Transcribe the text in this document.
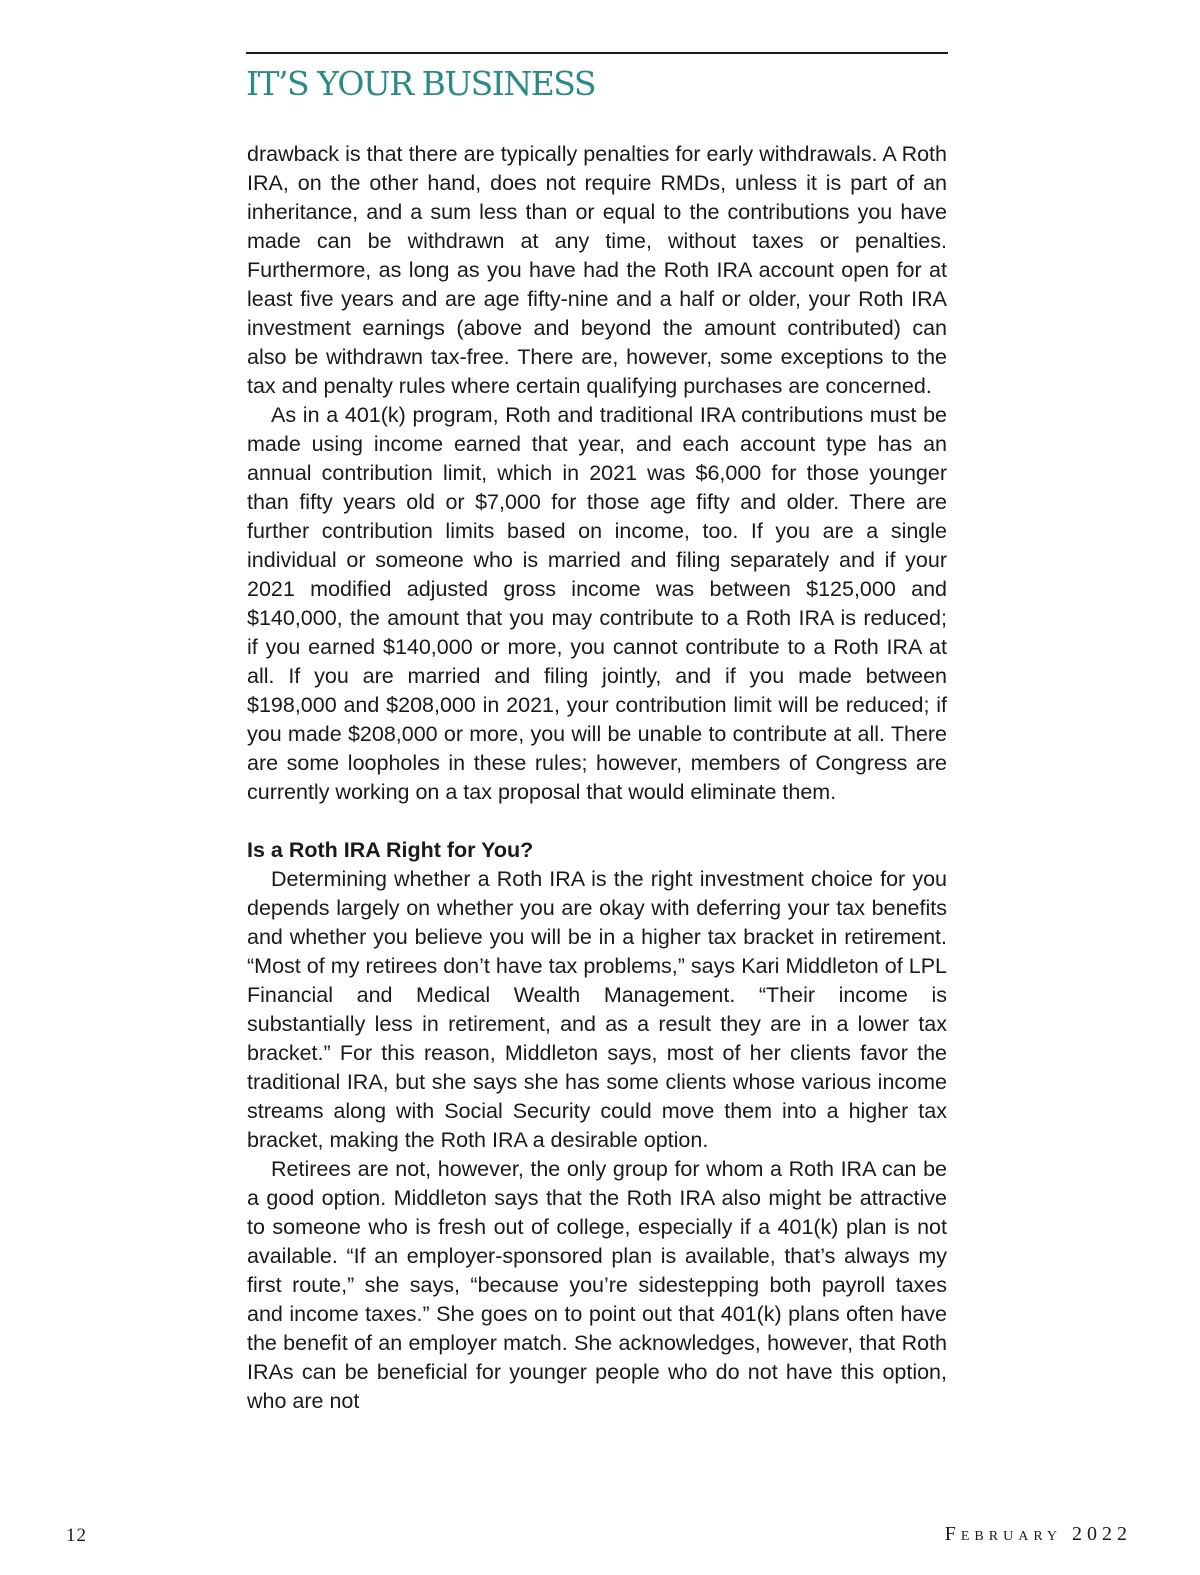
IT’S YOUR BUSINESS

drawback is that there are typically penalties for early withdrawals. A Roth IRA, on the other hand, does not require RMDs, unless it is part of an inheritance, and a sum less than or equal to the contributions you have made can be withdrawn at any time, without taxes or penalties. Furthermore, as long as you have had the Roth IRA account open for at least five years and are age fifty-nine and a half or older, your Roth IRA investment earnings (above and beyond the amount contributed) can also be withdrawn tax-free. There are, however, some exceptions to the tax and penalty rules where certain qualifying purchases are concerned.

As in a 401(k) program, Roth and traditional IRA contributions must be made using income earned that year, and each account type has an annual contribution limit, which in 2021 was $6,000 for those younger than fifty years old or $7,000 for those age fifty and older. There are further contribution limits based on income, too. If you are a single individual or someone who is married and filing separately and if your 2021 modified adjusted gross income was between $125,000 and $140,000, the amount that you may contribute to a Roth IRA is reduced; if you earned $140,000 or more, you cannot contribute to a Roth IRA at all. If you are married and filing jointly, and if you made between $198,000 and $208,000 in 2021, your contribution limit will be reduced; if you made $208,000 or more, you will be unable to contribute at all. There are some loopholes in these rules; however, members of Congress are currently working on a tax proposal that would eliminate them.

Is a Roth IRA Right for You?

Determining whether a Roth IRA is the right investment choice for you depends largely on whether you are okay with deferring your tax benefits and whether you believe you will be in a higher tax bracket in retirement. “Most of my retirees don’t have tax problems,” says Kari Middleton of LPL Financial and Medical Wealth Management. “Their income is substantially less in retirement, and as a result they are in a lower tax bracket.” For this reason, Middleton says, most of her clients favor the traditional IRA, but she says she has some clients whose various income streams along with Social Security could move them into a higher tax bracket, making the Roth IRA a desirable option.

Retirees are not, however, the only group for whom a Roth IRA can be a good option. Middleton says that the Roth IRA also might be attractive to someone who is fresh out of college, especially if a 401(k) plan is not available. “If an employer-sponsored plan is available, that’s always my first route,” she says, “because you’re sidestepping both payroll taxes and income taxes.” She goes on to point out that 401(k) plans often have the benefit of an employer match. She acknowledges, however, that Roth IRAs can be beneficial for younger people who do not have this option, who are not

12	February 2022
